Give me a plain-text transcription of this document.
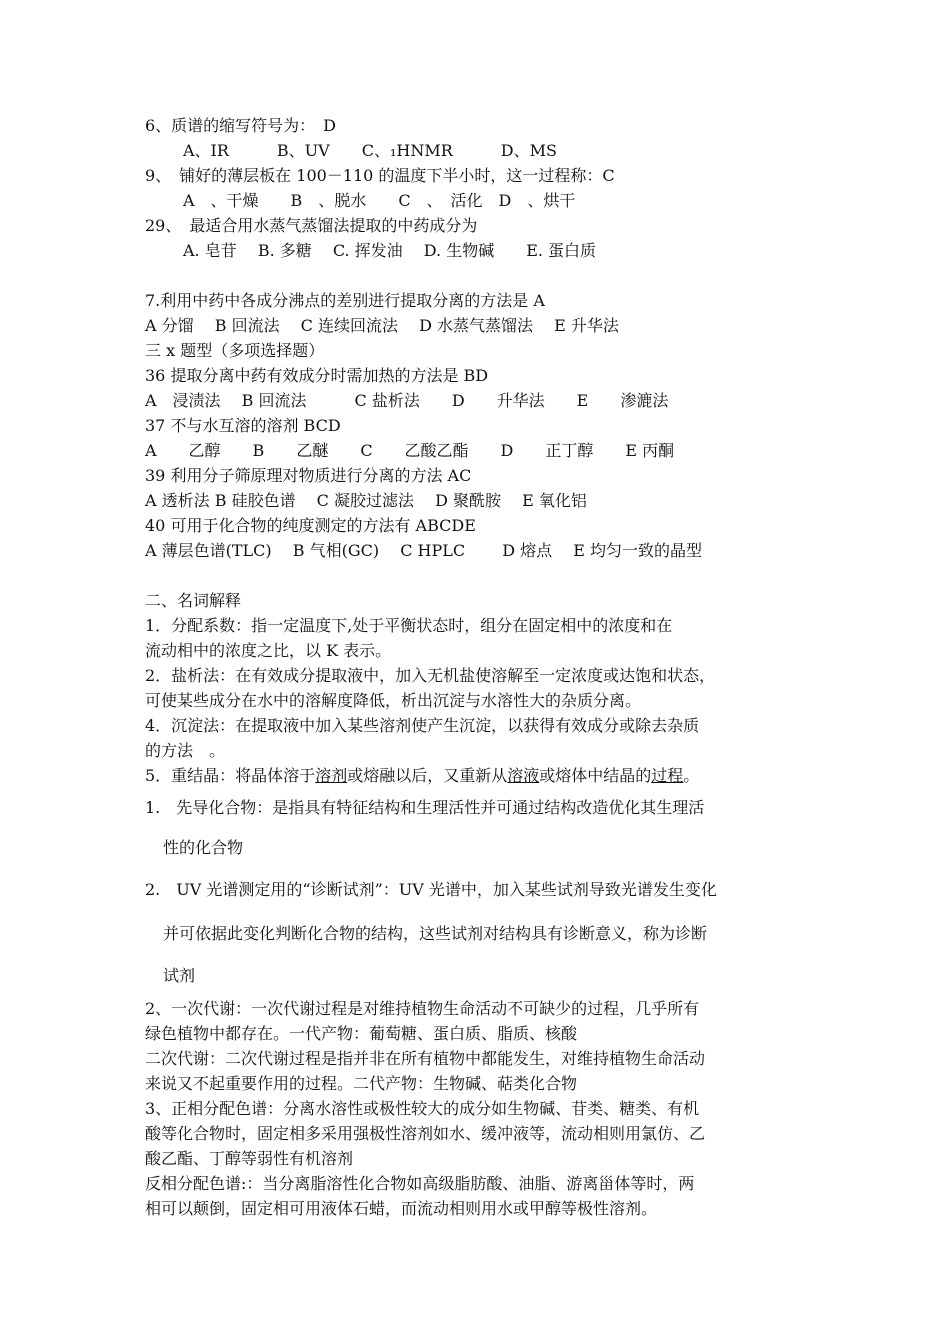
6、质谱的缩写符号为：　D
A、IR　　　B、UV　　C、₁HNMR　　　D、MS
9、　铺好的薄层板在 100－110 的温度下半小时，这一过程称：C
A　、干燥　　B　、脱水　　C　、　活化　D　、烘干
29、　最适合用水蒸气蒸馏法提取的中药成分为
A. 皂苷　 B. 多糖　 C. 挥发油　 D. 生物碱　　E. 蛋白质
7.利用中药中各成分沸点的差别进行提取分离的方法是 A
A 分馏　 B 回流法　 C 连续回流法　 D 水蒸气蒸馏法　 E 升华法
三 x 题型（多项选择题）
36 提取分离中药有效成分时需加热的方法是 BD
A　浸渍法　 B 回流法　　　C 盐析法　　D　　升华法　　E　　渗漉法
37 不与水互溶的溶剂 BCD
A　　乙醇　　B　　乙醚　　C　　乙酸乙酯　　D　　正丁醇　　E 丙酮
39 利用分子筛原理对物质进行分离的方法 AC
A 透析法 B 硅胶色谱　 C 凝胶过滤法　 D 聚酰胺　 E 氧化铝
40 可用于化合物的纯度测定的方法有 ABCDE
A 薄层色谱(TLC)　 B 气相(GC)　 C HPLC　　 D 熔点　 E 均匀一致的晶型
二、名词解释
1．分配系数：指一定温度下,处于平衡状态时，组分在固定相中的浓度和在
流动相中的浓度之比，以 K 表示。
2．盐析法：在有效成分提取液中，加入无机盐使溶解至一定浓度或达饱和状态，
可使某些成分在水中的溶解度降低，析出沉淀与水溶性大的杂质分离。
4．沉淀法：在提取液中加入某些溶剂使产生沉淀，以获得有效成分或除去杂质
的方法　。
5．重结晶：将晶体溶于溶剂或熔融以后，又重新从溶液或熔体中结晶的过程。
1.　先导化合物：是指具有特征结构和生理活性并可通过结构改造优化其生理活
性的化合物
2.　UV 光谱测定用的“诊断试剂”：UV 光谱中，加入某些试剂导致光谱发生变化
并可依据此变化判断化合物的结构，这些试剂对结构具有诊断意义，称为诊断
试剂
2、一次代谢：一次代谢过程是对维持植物生命活动不可缺少的过程，几乎所有
绿色植物中都存在。一代产物：葡萄糖、蛋白质、脂质、核酸
二次代谢：二次代谢过程是指并非在所有植物中都能发生，对维持植物生命活动
来说又不起重要作用的过程。二代产物：生物碱、萜类化合物
3、正相分配色谱：分离水溶性或极性较大的成分如生物碱、苷类、糖类、有机
酸等化合物时，固定相多采用强极性溶剂如水、缓冲液等，流动相则用氯仿、乙
酸乙酯、丁醇等弱性有机溶剂
反相分配色谱:：当分离脂溶性化合物如高级脂肪酸、油脂、游离甾体等时，两
相可以颠倒，固定相可用液体石蜡，而流动相则用水或甲醇等极性溶剂。
